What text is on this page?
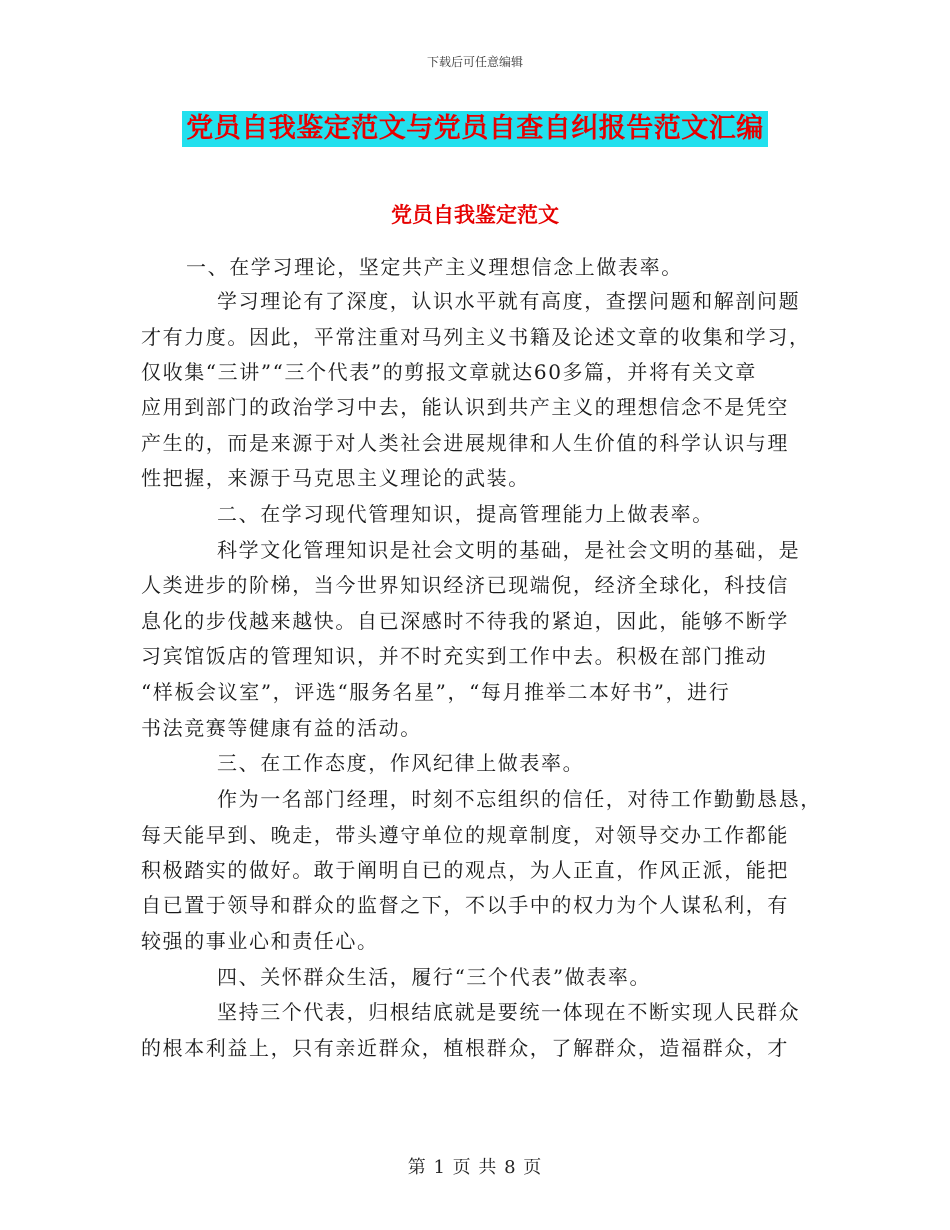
下载后可任意编辑
党员自我鉴定范文与党员自查自纠报告范文汇编
党员自我鉴定范文
一、在学习理论，坚定共产主义理想信念上做表率。
学习理论有了深度，认识水平就有高度，查摆问题和解剖问题
才有力度。因此，平常注重对马列主义书籍及论述文章的收集和学习，
仅收集“三讲”“三个代表”的剪报文章就达60多篇，并将有关文章
应用到部门的政治学习中去，能认识到共产主义的理想信念不是凭空
产生的，而是来源于对人类社会进展规律和人生价值的科学认识与理
性把握，来源于马克思主义理论的武装。
二、在学习现代管理知识，提高管理能力上做表率。
科学文化管理知识是社会文明的基础，是社会文明的基础，是
人类进步的阶梯，当今世界知识经济已现端倪，经济全球化，科技信
息化的步伐越来越快。自已深感时不待我的紧迫，因此，能够不断学
习宾馆饭店的管理知识，并不时充实到工作中去。积极在部门推动
“样板会议室”，评选“服务名星”，“每月推举二本好书”，进行
书法竞赛等健康有益的活动。
三、在工作态度，作风纪律上做表率。
作为一名部门经理，时刻不忘组织的信任，对待工作勤勤恳恳，
每天能早到、晚走，带头遵守单位的规章制度，对领导交办工作都能
积极踏实的做好。敢于阐明自已的观点，为人正直，作风正派，能把
自已置于领导和群众的监督之下，不以手中的权力为个人谋私利，有
较强的事业心和责任心。
四、关怀群众生活，履行“三个代表”做表率。
坚持三个代表，归根结底就是要统一体现在不断实现人民群众
的根本利益上，只有亲近群众，植根群众，了解群众，造福群众，才
第 1 页 共 8 页
